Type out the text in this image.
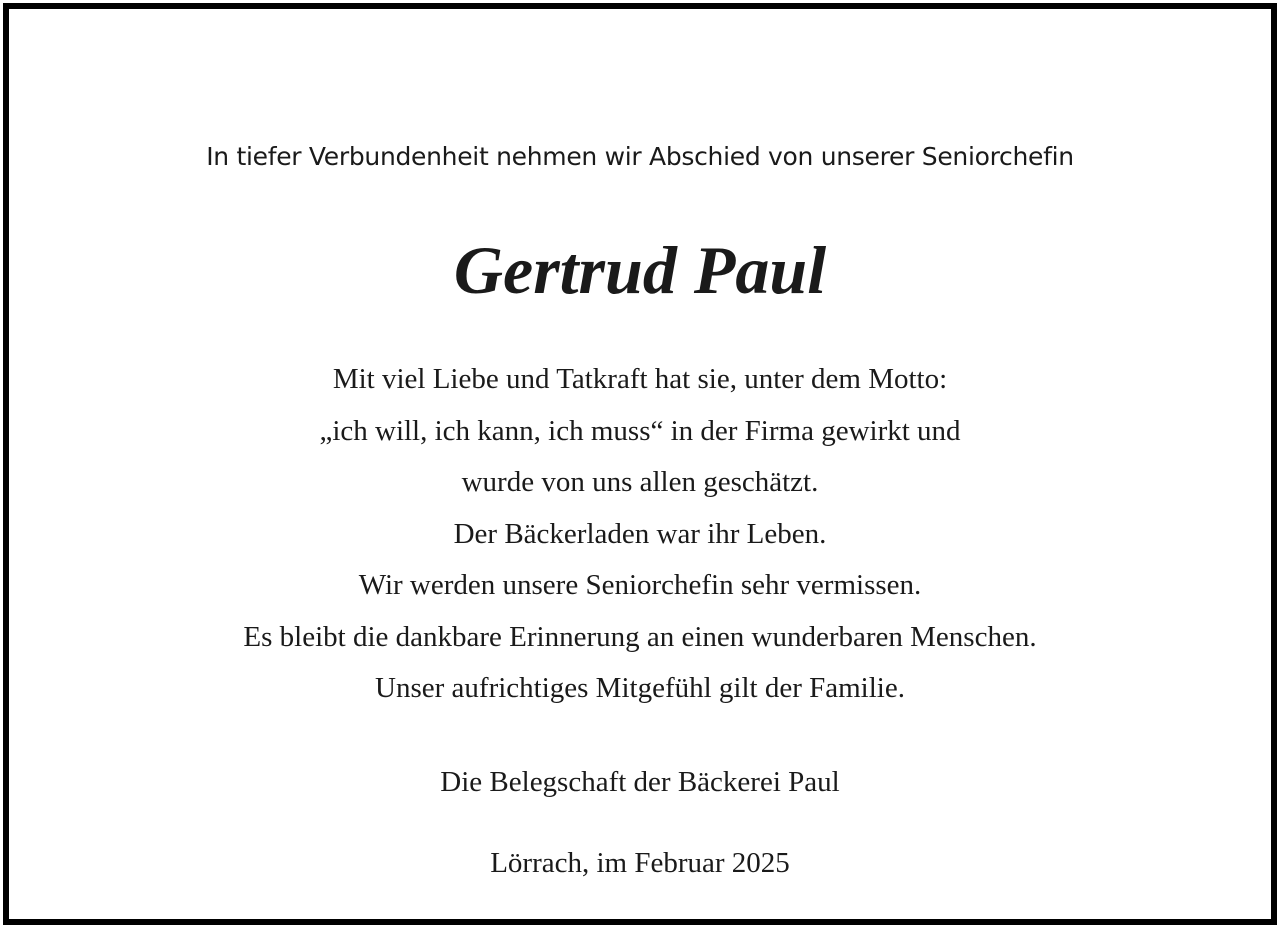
In tiefer Verbundenheit nehmen wir Abschied von unserer Seniorchefin
Gertrud Paul
Mit viel Liebe und Tatkraft hat sie, unter dem Motto:
„ich will, ich kann, ich muss“ in der Firma gewirkt und
wurde von uns allen geschätzt.
Der Bäckerladen war ihr Leben.
Wir werden unsere Seniorchefin sehr vermissen.
Es bleibt die dankbare Erinnerung an einen wunderbaren Menschen.
Unser aufrichtiges Mitgefühl gilt der Familie.
Die Belegschaft der Bäckerei Paul
Lörrach, im Februar 2025
